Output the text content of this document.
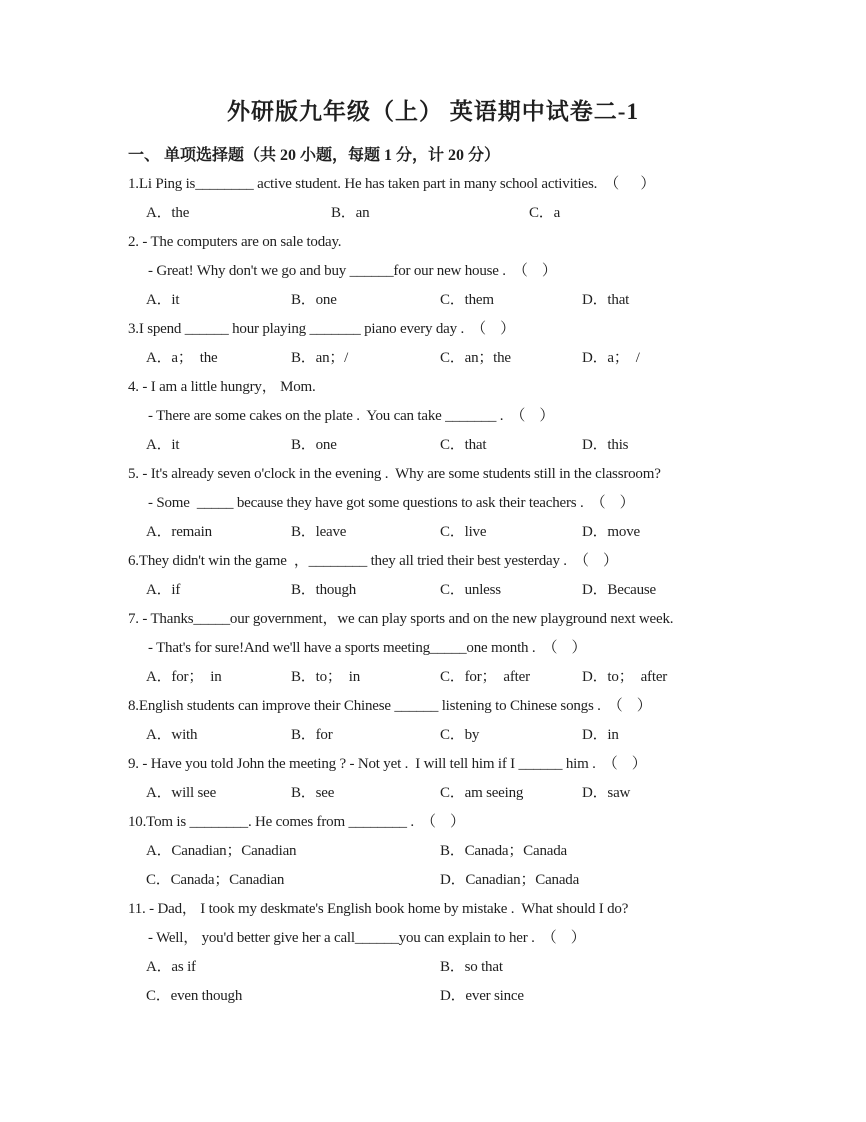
外研版九年级（上） 英语期中试卷二-1
一、 单项选择题（共 20 小题，每题 1 分，计 20 分）
1.Li Ping is________ active student. He has taken part in many school activities.  （      ）
A．the	B．an	C．a
2. - The computers are on sale today.
- Great! Why don't we go and buy ______for our new house .  （    ）
A．it	B．one	C．them	D．that
3.I spend ______ hour playing _______ piano every day .  （    ）
A．a；  the	B．an；/	C．an；the	D．a；  /
4. - I am a little hungry， Mom.
- There are some cakes on the plate .  You can take _______ .  （    ）
A．it	B．one	C．that	D．this
5. - It's already seven o'clock in the evening .  Why are some students still in the classroom?
- Some  _____ because they have got some questions to ask their teachers .  （    ）
A．remain	B．leave	C．live	D．move
6.They didn't win the game  ，________ they all tried their best yesterday .  （    ）
A．if	B．though	C．unless	D．Because
7. - Thanks_____our government，we can play sports and on the new playground next week.
- That's for sure!And we'll have a sports meeting_____one month .  （    ）
A．for；  in	B．to；  in	C．for；  after	D．to；  after
8.English students can improve their Chinese ______ listening to Chinese songs .  （    ）
A．with	B．for	C．by	D．in
9. - Have you told John the meeting ? - Not yet .  I will tell him if I ______ him .  （    ）
A．will see	B．see	C．am seeing	D．saw
10.Tom is ________. He comes from ________ .  （    ）
A．Canadian；Canadian	B．Canada；Canada
C．Canada；Canadian	D．Canadian；Canada
11. - Dad， I took my deskmate's English book home by mistake .  What should I do?
- Well， you'd better give her a call______you can explain to her .  （    ）
A．as if	B．so that
C．even though	D．ever since
